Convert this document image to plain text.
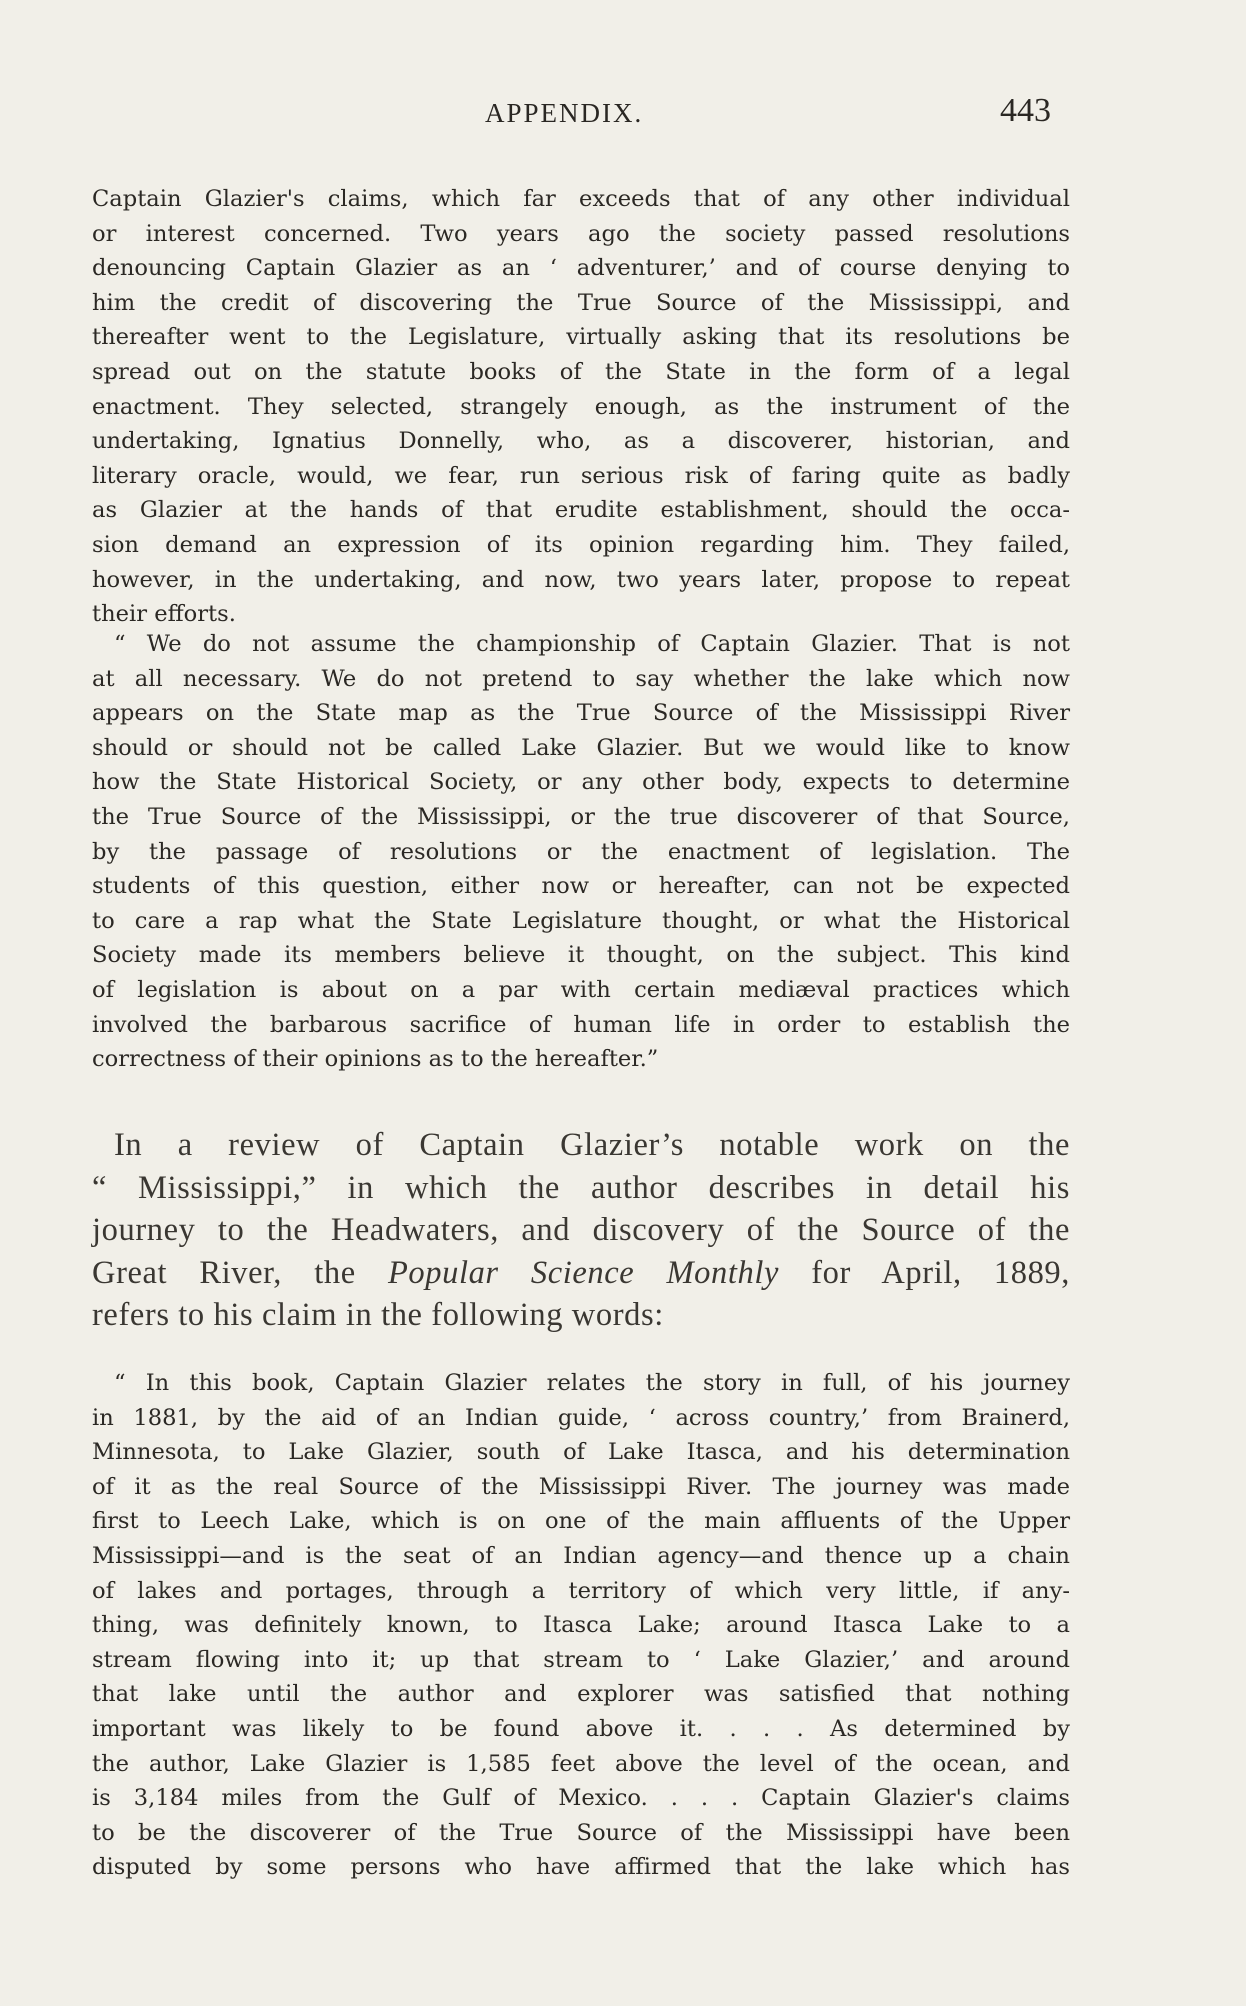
APPENDIX.	443
Captain Glazier's claims, which far exceeds that of any other individual
or interest concerned. Two years ago the society passed resolutions
denouncing Captain Glazier as an ‘ adventurer,’ and of course denying to
him the credit of discovering the True Source of the Mississippi, and
thereafter went to the Legislature, virtually asking that its resolutions be
spread out on the statute books of the State in the form of a legal
enactment. They selected, strangely enough, as the instrument of the
undertaking, Ignatius Donnelly, who, as a discoverer, historian, and
literary oracle, would, we fear, run serious risk of faring quite as badly
as Glazier at the hands of that erudite establishment, should the occa-
sion demand an expression of its opinion regarding him. They failed,
however, in the undertaking, and now, two years later, propose to repeat
their efforts.
“ We do not assume the championship of Captain Glazier. That is not
at all necessary. We do not pretend to say whether the lake which now
appears on the State map as the True Source of the Mississippi River
should or should not be called Lake Glazier. But we would like to know
how the State Historical Society, or any other body, expects to determine
the True Source of the Mississippi, or the true discoverer of that Source,
by the passage of resolutions or the enactment of legislation. The
students of this question, either now or hereafter, can not be expected
to care a rap what the State Legislature thought, or what the Historical
Society made its members believe it thought, on the subject. This kind
of legislation is about on a par with certain mediæval practices which
involved the barbarous sacrifice of human life in order to establish the
correctness of their opinions as to the hereafter.”
In a review of Captain Glazier’s notable work on the
“ Mississippi,” in which the author describes in detail his
journey to the Headwaters, and discovery of the Source of the
Great River, the Popular Science Monthly for April, 1889,
refers to his claim in the following words:
“ In this book, Captain Glazier relates the story in full, of his journey
in 1881, by the aid of an Indian guide, ‘ across country,’ from Brainerd,
Minnesota, to Lake Glazier, south of Lake Itasca, and his determination
of it as the real Source of the Mississippi River. The journey was made
first to Leech Lake, which is on one of the main affluents of the Upper
Mississippi—and is the seat of an Indian agency—and thence up a chain
of lakes and portages, through a territory of which very little, if any-
thing, was definitely known, to Itasca Lake; around Itasca Lake to a
stream flowing into it; up that stream to ‘ Lake Glazier,’ and around
that lake until the author and explorer was satisfied that nothing
important was likely to be found above it. . . . As determined by
the author, Lake Glazier is 1,585 feet above the level of the ocean, and
is 3,184 miles from the Gulf of Mexico. . . . Captain Glazier's claims
to be the discoverer of the True Source of the Mississippi have been
disputed by some persons who have affirmed that the lake which has
